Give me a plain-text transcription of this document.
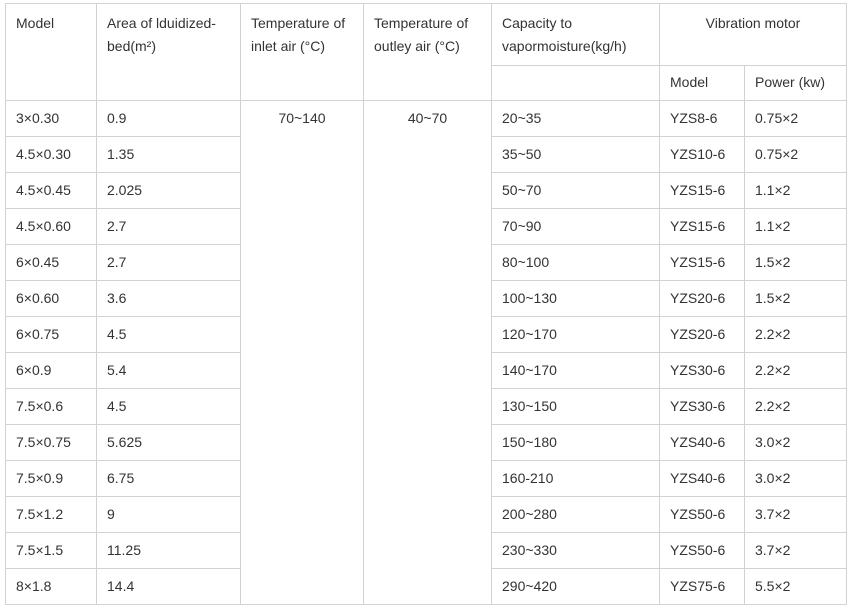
Model	Area of lduidized-bed(m²)	Temperature of inlet air (°C)	Temperature of outley air (°C)	Capacity to vapormoisture(kg/h)	Vibration motor	
					Model	Power (kw)
3×0.30	0.9	70~140	40~70	20~35	YZS8-6	0.75×2
4.5×0.30	1.35			35~50	YZS10-6	0.75×2
4.5×0.45	2.025			50~70	YZS15-6	1.1×2
4.5×0.60	2.7			70~90	YZS15-6	1.1×2
6×0.45	2.7			80~100	YZS15-6	1.5×2
6×0.60	3.6			100~130	YZS20-6	1.5×2
6×0.75	4.5			120~170	YZS20-6	2.2×2
6×0.9	5.4			140~170	YZS30-6	2.2×2
7.5×0.6	4.5			130~150	YZS30-6	2.2×2
7.5×0.75	5.625			150~180	YZS40-6	3.0×2
7.5×0.9	6.75			160-210	YZS40-6	3.0×2
7.5×1.2	9			200~280	YZS50-6	3.7×2
7.5×1.5	11.25			230~330	YZS50-6	3.7×2
8×1.8	14.4			290~420	YZS75-6	5.5×2
